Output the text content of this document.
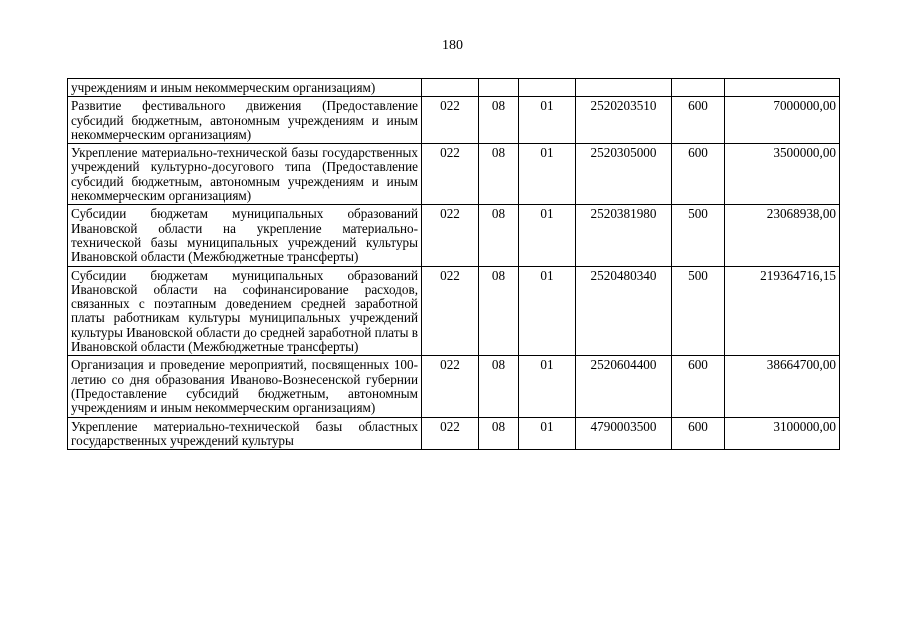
180
учреждениям и иным некоммерческим организациям)						
Развитие фестивального движения (Предоставление субсидий бюджетным, автономным учреждениям и иным некоммерческим организациям)	022	08	01	2520203510	600	7000000,00
Укрепление материально-технической базы государственных учреждений культурно-досугового типа (Предоставление субсидий бюджетным, автономным учреждениям и иным некоммерческим организациям)	022	08	01	2520305000	600	3500000,00
Субсидии бюджетам муниципальных образований Ивановской области на укрепление материально-технической базы муниципальных учреждений культуры Ивановской области (Межбюджетные трансферты)	022	08	01	2520381980	500	23068938,00
Субсидии бюджетам муниципальных образований Ивановской области на софинансирование расходов, связанных с поэтапным доведением средней заработной платы работникам культуры муниципальных учреждений культуры Ивановской области до средней заработной платы в Ивановской области (Межбюджетные трансферты)	022	08	01	2520480340	500	219364716,15
Организация и проведение мероприятий, посвященных 100-летию со дня образования Иваново-Вознесенской губернии (Предоставление субсидий бюджетным, автономным учреждениям и иным некоммерческим организациям)	022	08	01	2520604400	600	38664700,00
Укрепление материально-технической базы областных государственных учреждений культуры	022	08	01	4790003500	600	3100000,00
